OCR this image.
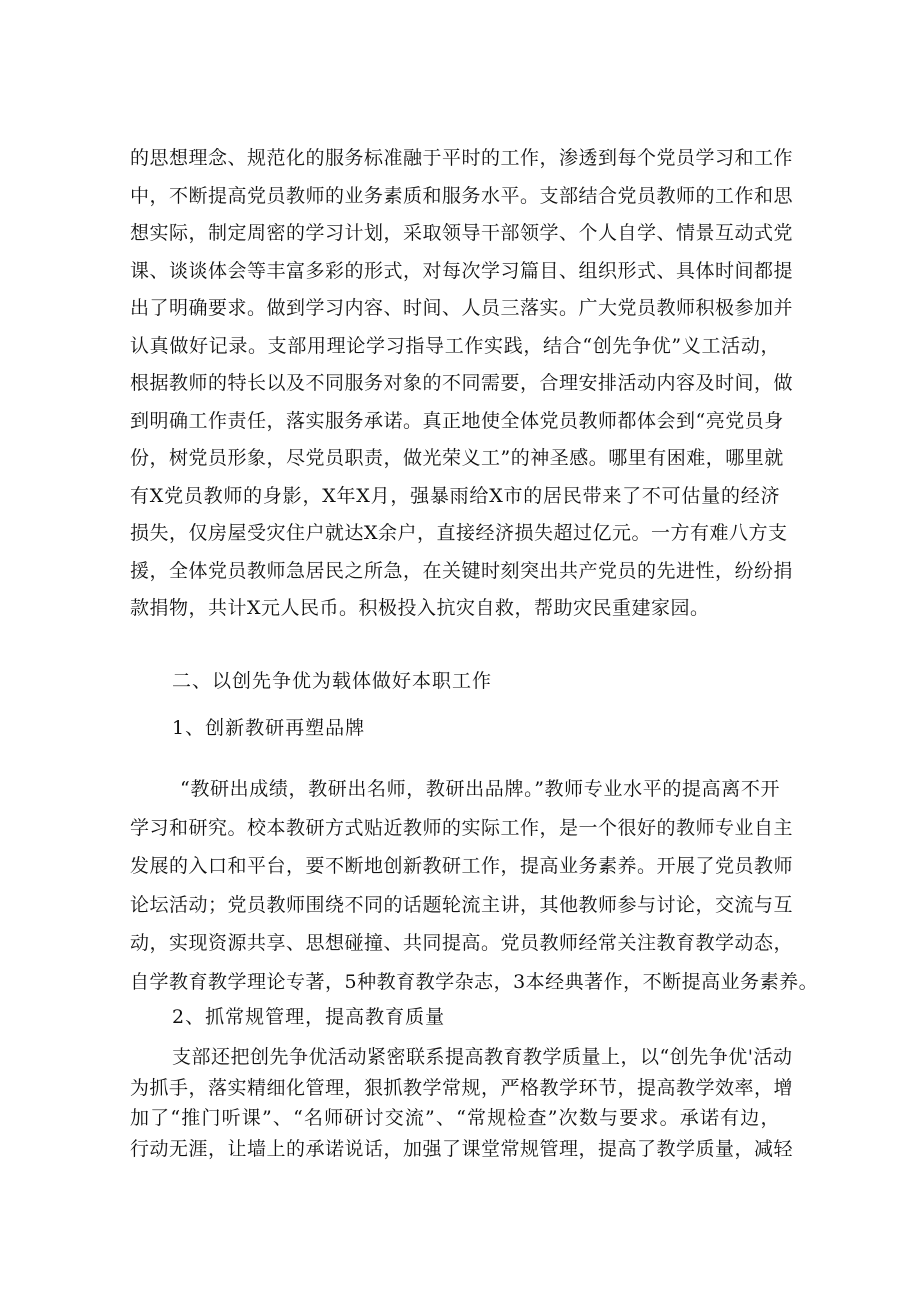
的思想理念、规范化的服务标准融于平时的工作，渗透到每个党员学习和工作
中，不断提高党员教师的业务素质和服务水平。支部结合党员教师的工作和思
想实际，制定周密的学习计划，采取领导干部领学、个人自学、情景互动式党
课、谈谈体会等丰富多彩的形式，对每次学习篇目、组织形式、具体时间都提
出了明确要求。做到学习内容、时间、人员三落实。广大党员教师积极参加并
认真做好记录。支部用理论学习指导工作实践，结合“创先争优”义工活动，
根据教师的特长以及不同服务对象的不同需要，合理安排活动内容及时间，做
到明确工作责任，落实服务承诺。真正地使全体党员教师都体会到“亮党员身
份，树党员形象，尽党员职责，做光荣义工”的神圣感。哪里有困难，哪里就
有X党员教师的身影，X年X月，强暴雨给X市的居民带来了不可估量的经济
损失，仅房屋受灾住户就达X余户，直接经济损失超过亿元。一方有难八方支
援，全体党员教师急居民之所急，在关键时刻突出共产党员的先进性，纷纷捐
款捐物，共计X元人民币。积极投入抗灾自救，帮助灾民重建家园。

二、以创先争优为载体做好本职工作

1、创新教研再塑品牌

“教研出成绩，教研出名师，教研出品牌。”教师专业水平的提高离不开
学习和研究。校本教研方式贴近教师的实际工作，是一个很好的教师专业自主
发展的入口和平台，要不断地创新教研工作，提高业务素养。开展了党员教师
论坛活动；党员教师围绕不同的话题轮流主讲，其他教师参与讨论，交流与互
动，实现资源共享、思想碰撞、共同提高。党员教师经常关注教育教学动态，
自学教育教学理论专著，5种教育教学杂志，3本经典著作，不断提高业务素养。

2、抓常规管理，提高教育质量

支部还把创先争优活动紧密联系提高教育教学质量上，以“创先争优'活动
为抓手，落实精细化管理，狠抓教学常规，严格教学环节，提高教学效率，增
加了“推门听课”、“名师研讨交流”、“常规检查”次数与要求。承诺有边，
行动无涯，让墙上的承诺说话，加强了课堂常规管理，提高了教学质量，减轻
